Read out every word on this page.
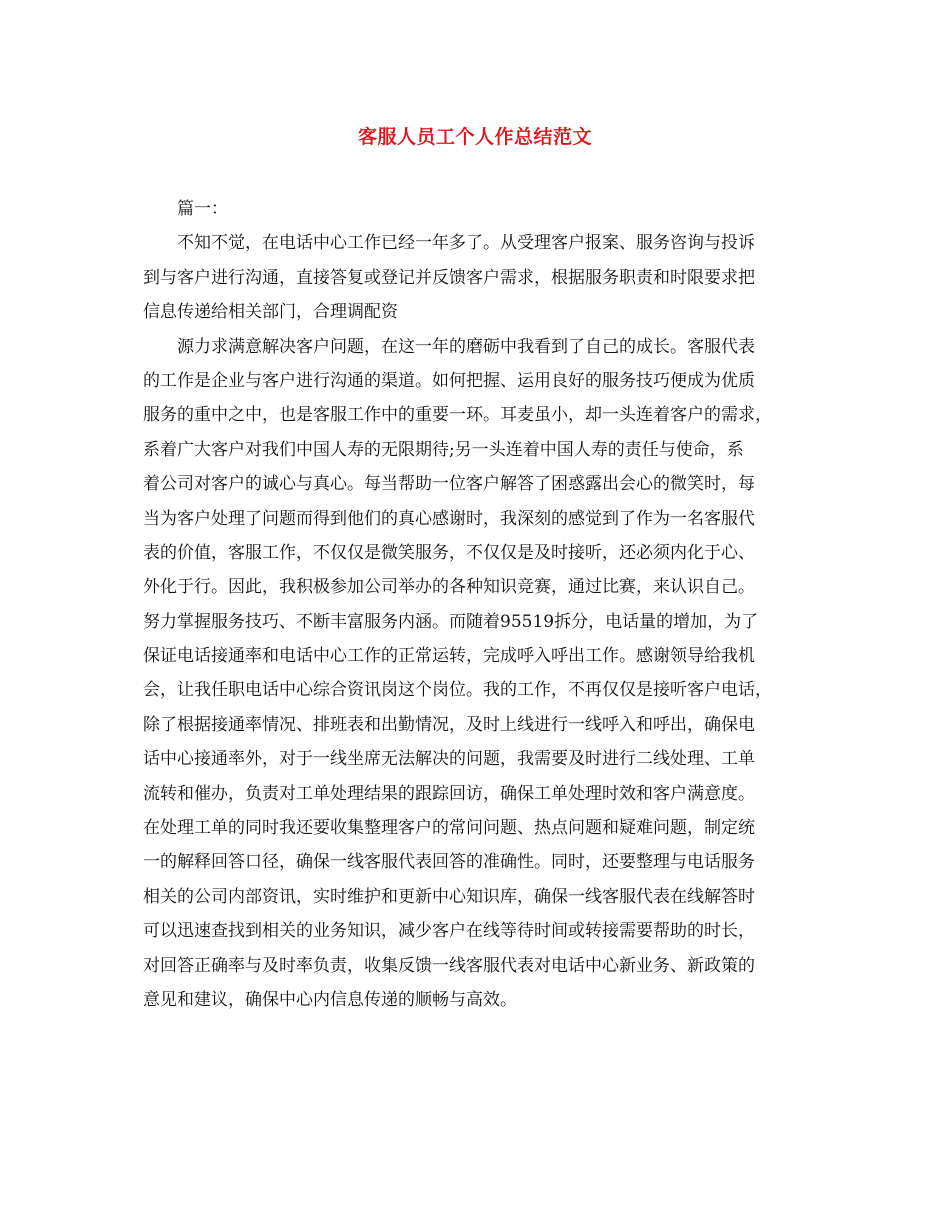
客服人员工个人作总结范文
篇一：
不知不觉，在电话中心工作已经一年多了。从受理客户报案、服务咨询与投诉
到与客户进行沟通，直接答复或登记并反馈客户需求，根据服务职责和时限要求把
信息传递给相关部门，合理调配资
源力求满意解决客户问题，在这一年的磨砺中我看到了自己的成长。客服代表
的工作是企业与客户进行沟通的渠道。如何把握、运用良好的服务技巧便成为优质
服务的重中之中，也是客服工作中的重要一环。耳麦虽小，却一头连着客户的需求，
系着广大客户对我们中国人寿的无限期待;另一头连着中国人寿的责任与使命，系
着公司对客户的诚心与真心。每当帮助一位客户解答了困惑露出会心的微笑时，每
当为客户处理了问题而得到他们的真心感谢时，我深刻的感觉到了作为一名客服代
表的价值，客服工作，不仅仅是微笑服务，不仅仅是及时接听，还必须内化于心、
外化于行。因此，我积极参加公司举办的各种知识竞赛，通过比赛，来认识自己。
努力掌握服务技巧、不断丰富服务内涵。而随着95519拆分，电话量的增加，为了
保证电话接通率和电话中心工作的正常运转，完成呼入呼出工作。感谢领导给我机
会，让我任职电话中心综合资讯岗这个岗位。我的工作，不再仅仅是接听客户电话，
除了根据接通率情况、排班表和出勤情况，及时上线进行一线呼入和呼出，确保电
话中心接通率外，对于一线坐席无法解决的问题，我需要及时进行二线处理、工单
流转和催办，负责对工单处理结果的跟踪回访，确保工单处理时效和客户满意度。
在处理工单的同时我还要收集整理客户的常问问题、热点问题和疑难问题，制定统
一的解释回答口径，确保一线客服代表回答的准确性。同时，还要整理与电话服务
相关的公司内部资讯，实时维护和更新中心知识库，确保一线客服代表在线解答时
可以迅速查找到相关的业务知识，减少客户在线等待时间或转接需要帮助的时长，
对回答正确率与及时率负责，收集反馈一线客服代表对电话中心新业务、新政策的
意见和建议，确保中心内信息传递的顺畅与高效。
